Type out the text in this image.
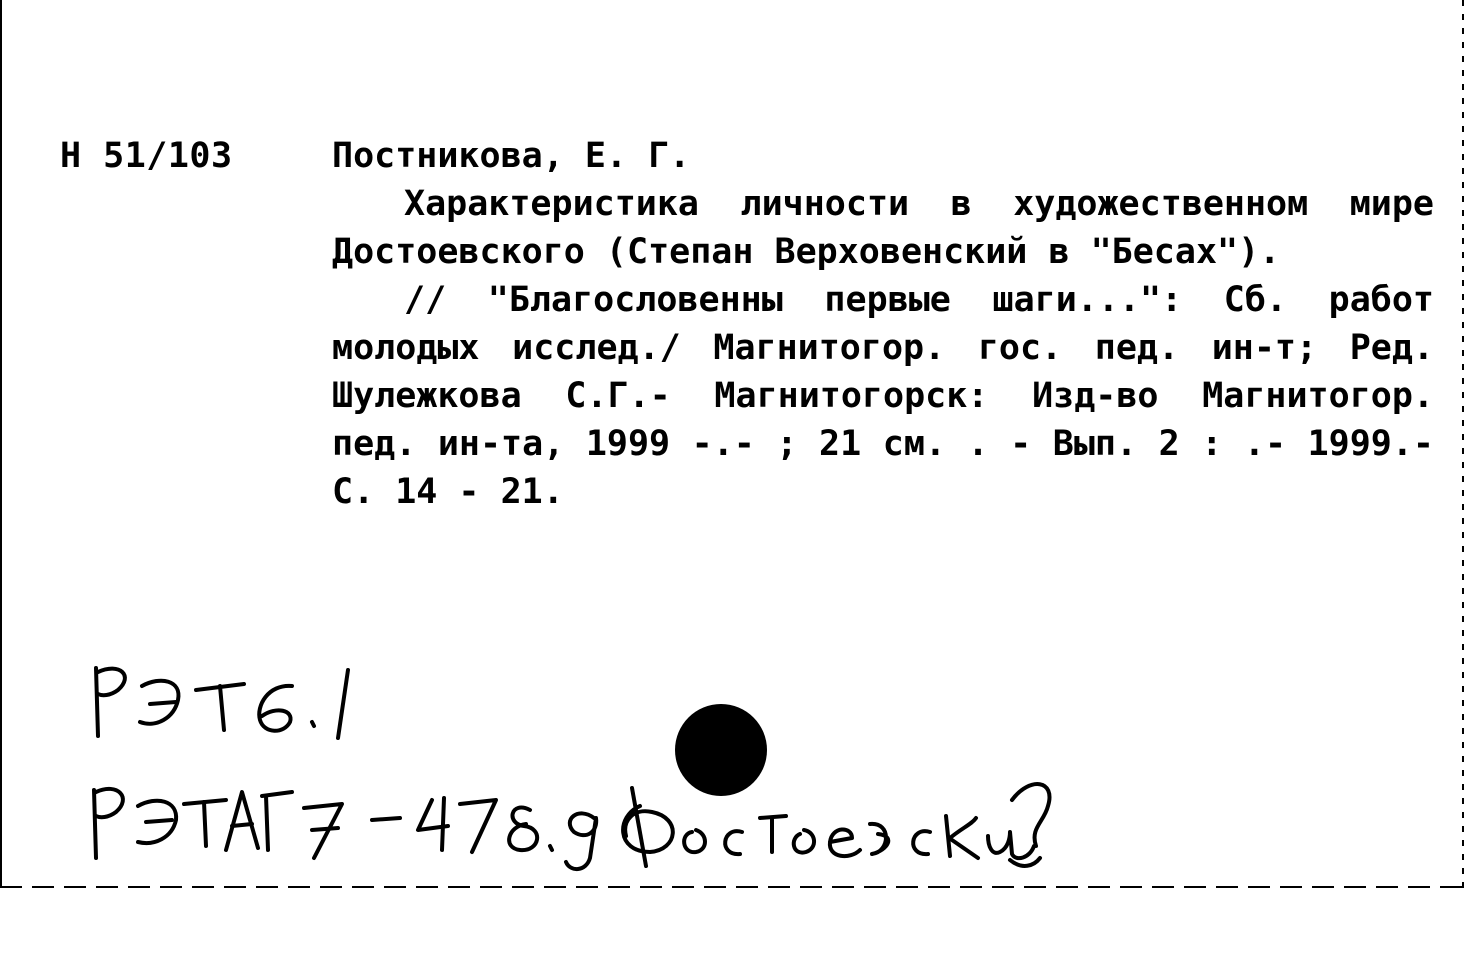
Н 51/103	Постникова, Е. Г.

Характеристика личности в художественном мире Достоевского (Степан Верховенский в "Бесах").

// "Благословенны первые шаги...": Сб. работ молодых исслед./ Магнитогор. гос. пед. ин-т; Ред. Шулежкова С.Г.- Магнитогорск: Изд-во Магнитогор. пед. ин-та, 1999 -.- ; 21 см. . - Вып. 2 : .- 1999.-С. 14 - 21.
